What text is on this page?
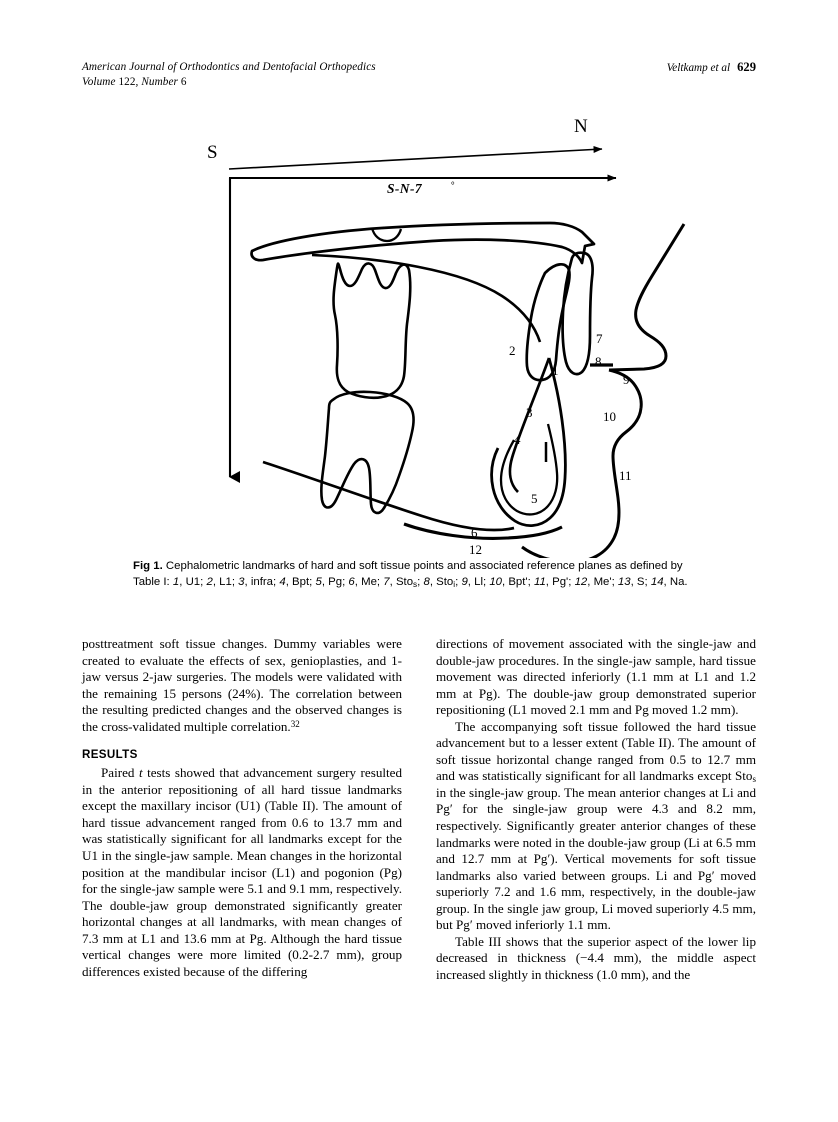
American Journal of Orthodontics and Dentofacial Orthopedics
Volume 122, Number 6
Veltkamp et al 629
S
N
S-N-7	°
1
2
3
4
5
6
7
8
9
10
11
12
Fig 1. Cephalometric landmarks of hard and soft tissue points and associated reference planes as defined by Table I: 1, U1; 2, L1; 3, infra; 4, Bpt; 5, Pg; 6, Me; 7, Sto$_s$; 8, Sto$_i$; 9, Ll; 10, Bpt'; 11, Pg'; 12, Me'; 13, S; 14, Na.

posttreatment soft tissue changes. Dummy variables were created to evaluate the effects of sex, genioplasties, and 1-jaw versus 2-jaw surgeries. The models were validated with the remaining 15 persons (24%). The correlation between the resulting predicted changes and the observed changes is the cross-validated multiple correlation.$^{32}$

RESULTS

Paired t tests showed that advancement surgery resulted in the anterior repositioning of all hard tissue landmarks except the maxillary incisor (U1) (Table II). The amount of hard tissue advancement ranged from 0.6 to 13.7 mm and was statistically significant for all landmarks except for the U1 in the single-jaw sample. Mean changes in the horizontal position at the mandibular incisor (L1) and pogonion (Pg) for the single-jaw sample were 5.1 and 9.1 mm, respectively. The double-jaw group demonstrated significantly greater horizontal changes at all landmarks, with mean changes of 7.3 mm at L1 and 13.6 mm at Pg. Although the hard tissue vertical changes were more limited (0.2-2.7 mm), group differences existed because of the differing

directions of movement associated with the single-jaw and double-jaw procedures. In the single-jaw sample, hard tissue movement was directed inferiorly (1.1 mm at L1 and 1.2 mm at Pg). The double-jaw group demonstrated superior repositioning (L1 moved 2.1 mm and Pg moved 1.2 mm).

The accompanying soft tissue followed the hard tissue advancement but to a lesser extent (Table II). The amount of soft tissue horizontal change ranged from 0.5 to 12.7 mm and was statistically significant for all landmarks except Sto$_s$ in the single-jaw group. The mean anterior changes at Li and Pg′ for the single-jaw group were 4.3 and 8.2 mm, respectively. Significantly greater anterior changes of these landmarks were noted in the double-jaw group (Li at 6.5 mm and 12.7 mm at Pg′). Vertical movements for soft tissue landmarks also varied between groups. Li and Pg′ moved superiorly 7.2 and 1.6 mm, respectively, in the double-jaw group. In the single jaw group, Li moved superiorly 4.5 mm, but Pg′ moved inferiorly 1.1 mm.

Table III shows that the superior aspect of the lower lip decreased in thickness (−4.4 mm), the middle aspect increased slightly in thickness (1.0 mm), and the
